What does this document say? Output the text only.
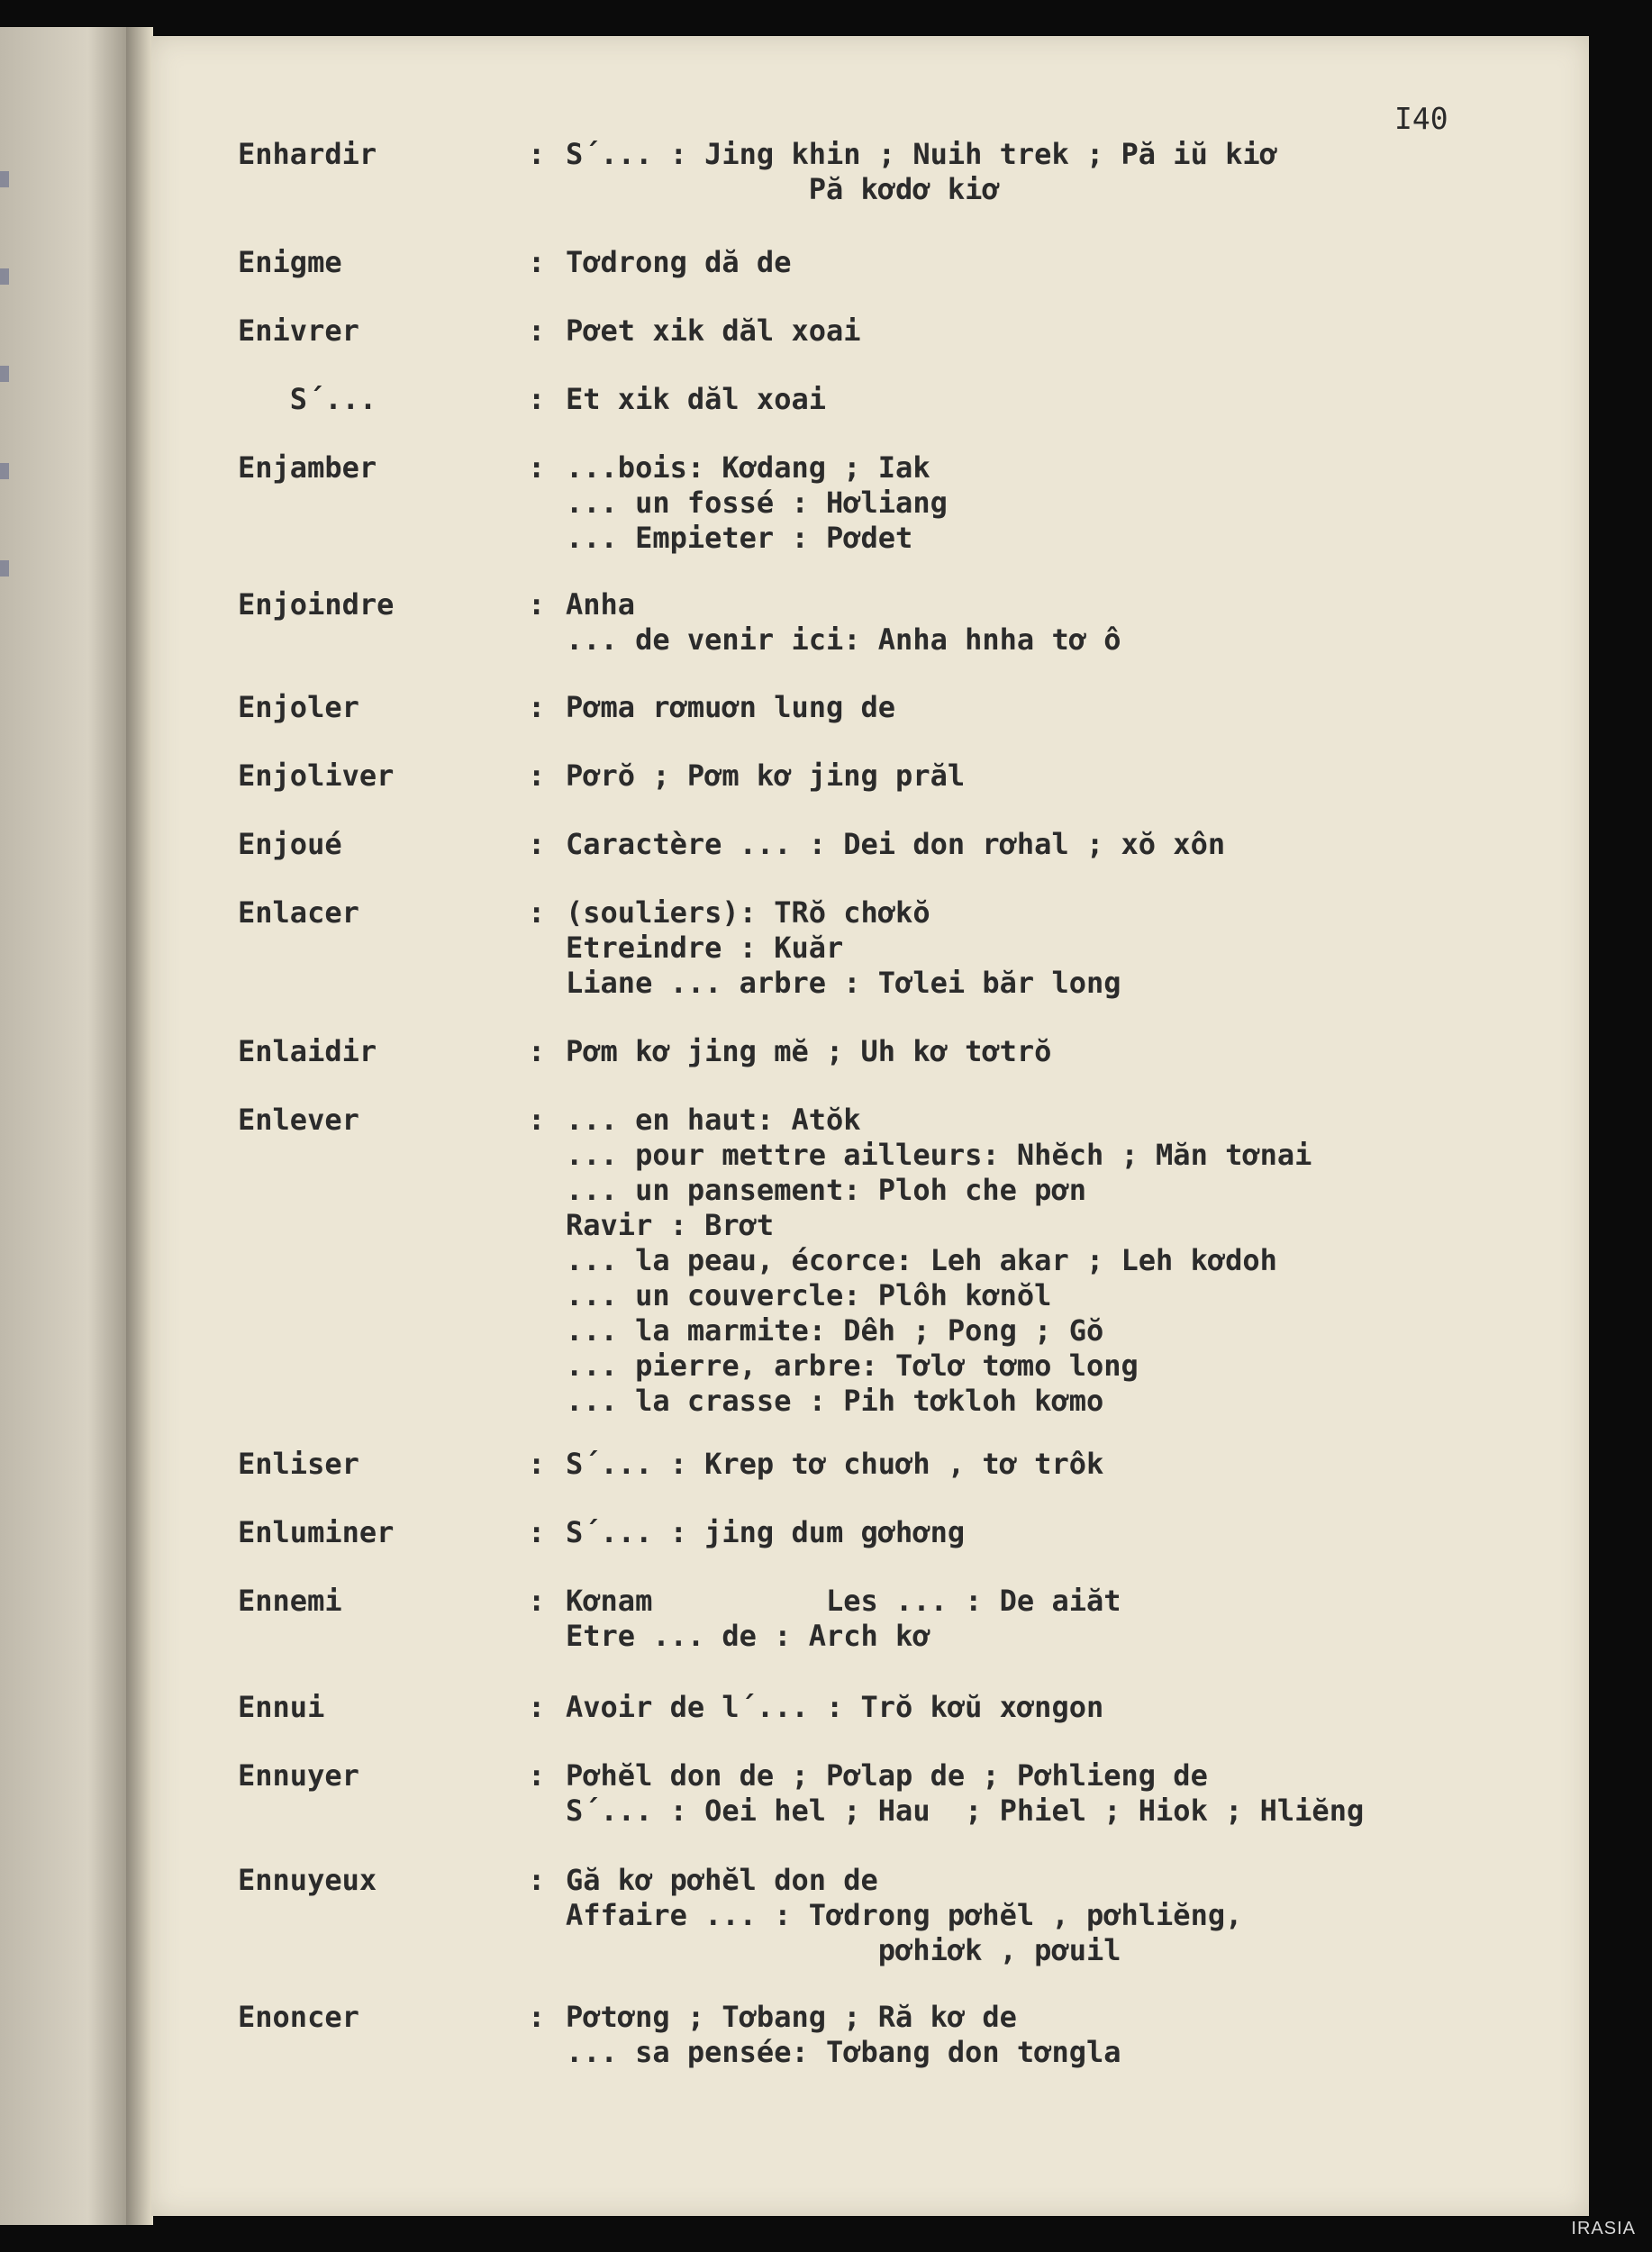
I40
Enhardir	: S´... : Jing khin ; Nuih trek ; Pă iŭ kiơ
Pă kơdơ kiơ
Enigme	: Tơdrong dă de
Enivrer	: Pơet xik dăl xoai
S´...	: Et xik dăl xoai
Enjamber	: ...bois: Kơdang ; Iak
... un fossé : Hơliang
... Empieter : Pơdet
Enjoindre	: Anha
... de venir ici: Anha hnha tơ ô
Enjoler	: Pơma rơmuơn lung de
Enjoliver	: Pơrŏ ; Pơm kơ jing prăl
Enjoué	: Caractère ... : Dei don rơhal ; xŏ xôn
Enlacer	: (souliers): TRŏ chơkŏ
Etreindre : Kuăr
Liane ... arbre : Tơlei băr long
Enlaidir	: Pơm kơ jing mĕ ; Uh kơ tơtrŏ
Enlever	: ... en haut: Atŏk
... pour mettre ailleurs: Nhĕch ; Măn tơnai
... un pansement: Ploh che pơn
Ravir : Brơt
... la peau, écorce: Leh akar ; Leh kơdoh
... un couvercle: Plôh kơnŏl
... la marmite: Dêh ; Pong ; Gŏ
... pierre, arbre: Tơlơ tơmo long
... la crasse : Pih tơkloh kơmo
Enliser	: S´... : Krep tơ chuơh , tơ trôk
Enluminer	: S´... : jing dum gơhơng
Ennemi	: Kơnam          Les ... : De aiăt
Etre ... de : Arch kơ
Ennui	: Avoir de l´... : Trŏ kơŭ xơngon
Ennuyer	: Pơhĕl don de ; Pơlap de ; Pơhlieng de
S´... : Oei hel ; Hau  ; Phiel ; Hiok ; Hliĕng
Ennuyeux	: Gă kơ pơhĕl don de
Affaire ... : Tơdrong pơhĕl , pơhliĕng,
pơhiơk , pơuil
Enoncer	: Pơtơng ; Tơbang ; Ră kơ de
... sa pensée: Tơbang don tơngla
IRASIA
